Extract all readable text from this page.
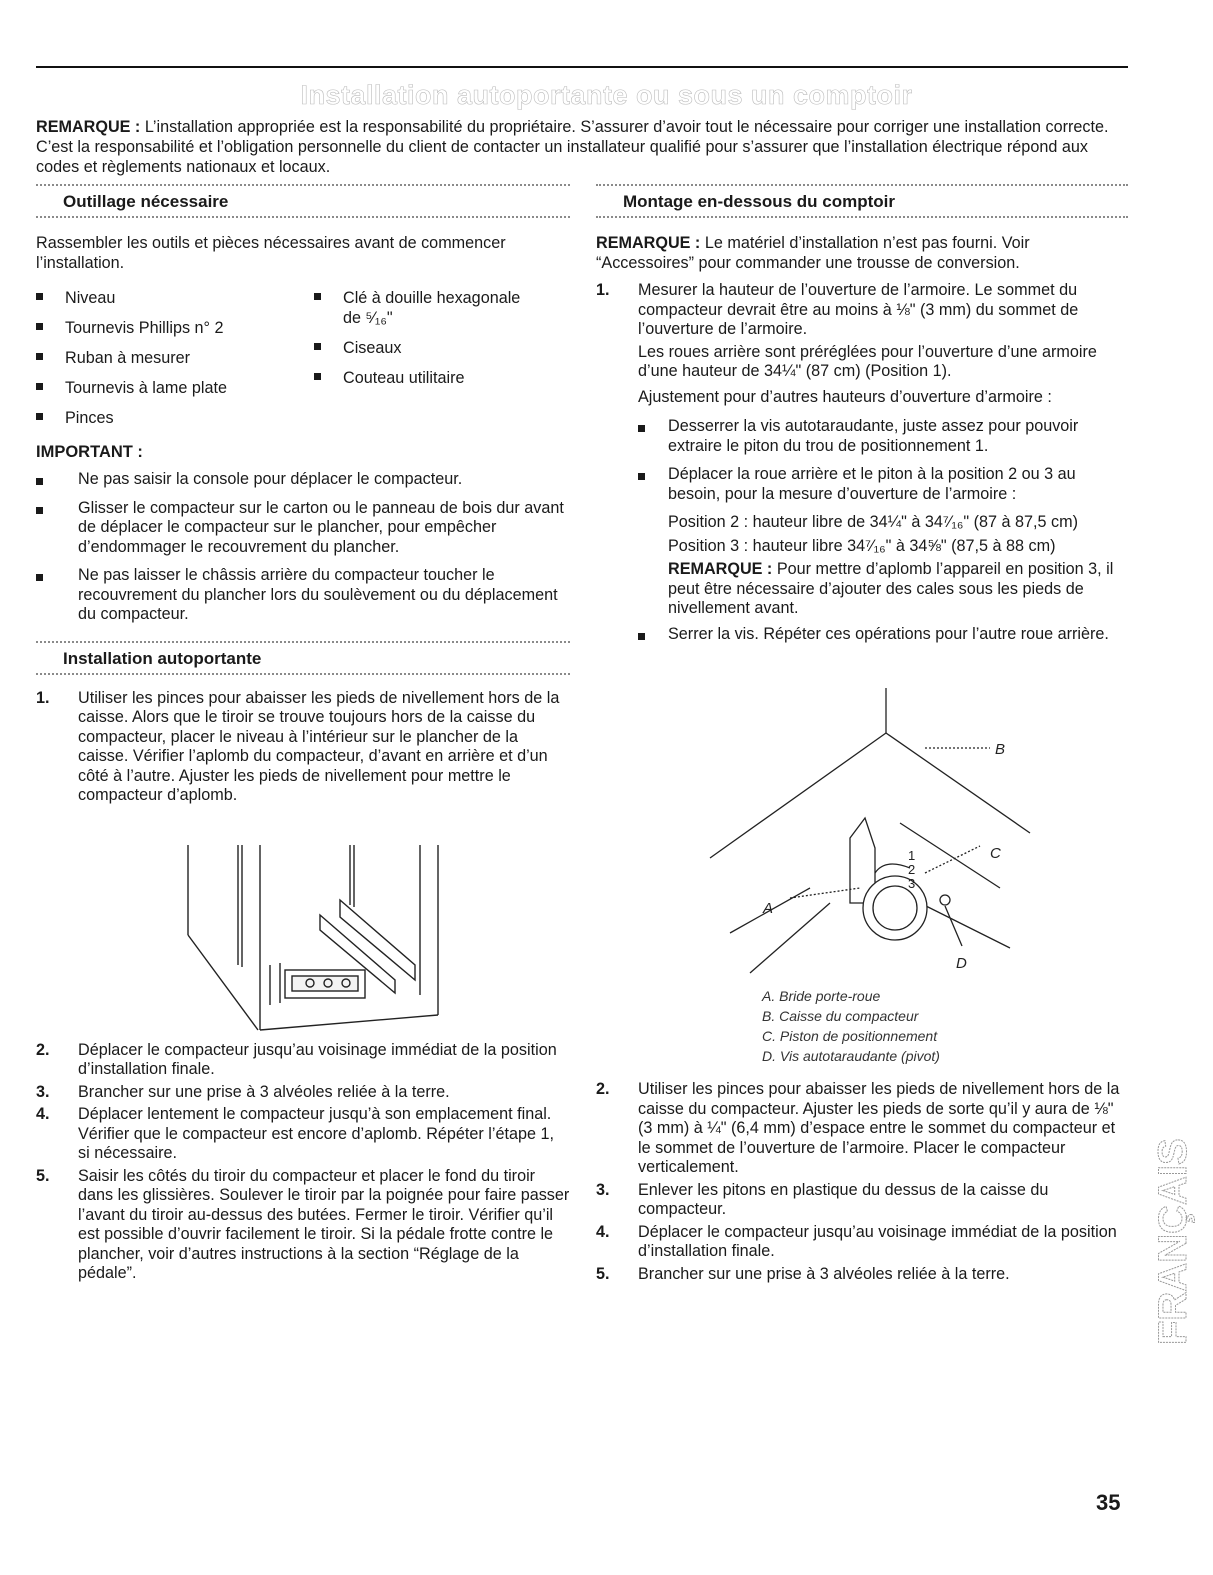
Installation autoportante ou sous un comptoir
REMARQUE : L’installation appropriée est la responsabilité du propriétaire. S’assurer d’avoir tout le nécessaire pour corriger une installation correcte. C’est la responsabilité et l’obligation personnelle du client de contacter un installateur qualifié pour s’assurer que l’installation électrique répond aux codes et règlements nationaux et locaux.
Outillage nécessaire

Rassembler les outils et pièces nécessaires avant de commencer l’installation.

Niveau
Tournevis Phillips n° 2
Ruban à mesurer
Tournevis à lame plate
Pinces
Clé à douille hexagonale
de ⁵⁄₁₆"
Ciseaux
Couteau utilitaire
IMPORTANT :
Ne pas saisir la console pour déplacer le compacteur.
Glisser le compacteur sur le carton ou le panneau de bois dur avant de déplacer le compacteur sur le plancher, pour empêcher d’endommager le recouvrement du plancher.
Ne pas laisser le châssis arrière du compacteur toucher le recouvrement du plancher lors du soulèvement ou du déplacement du compacteur.
Installation autoportante
1. Utiliser les pinces pour abaisser les pieds de nivellement hors de la caisse. Alors que le tiroir se trouve toujours hors de la caisse du compacteur, placer le niveau à l’intérieur sur le plancher de la caisse. Vérifier l’aplomb du compacteur, d’avant en arrière et d’un côté à l’autre. Ajuster les pieds de nivellement pour mettre le compacteur d’aplomb.
2. Déplacer le compacteur jusqu’au voisinage immédiat de la position d’installation finale.
3. Brancher sur une prise à 3 alvéoles reliée à la terre.
4. Déplacer lentement le compacteur jusqu’à son emplacement final. Vérifier que le compacteur est encore d’aplomb. Répéter l’étape 1, si nécessaire.
5. Saisir les côtés du tiroir du compacteur et placer le fond du tiroir dans les glissières. Soulever le tiroir par la poignée pour faire passer l’avant du tiroir au-dessus des butées. Fermer le tiroir. Vérifier qu’il est possible d’ouvrir facilement le tiroir. Si la pédale frotte contre le plancher, voir d’autres instructions à la section “Réglage de la pédale”.
Montage en-dessous du comptoir

REMARQUE : Le matériel d’installation n’est pas fourni. Voir “Accessoires” pour commander une trousse de conversion.

1. Mesurer la hauteur de l’ouverture de l’armoire. Le sommet du compacteur devrait être au moins à ⅛" (3 mm) du sommet de l’ouverture de l’armoire.
Les roues arrière sont préréglées pour l’ouverture d’une armoire d’une hauteur de 34¼" (87 cm) (Position 1).
Ajustement pour d’autres hauteurs d’ouverture d’armoire :
Desserrer la vis autotaraudante, juste assez pour pouvoir extraire le piton du trou de positionnement 1.
Déplacer la roue arrière et le piton à la position 2 ou 3 au besoin, pour la mesure d’ouverture de l’armoire :
Position 2 : hauteur libre de 34¼" à 34⁷⁄₁₆" (87 à 87,5 cm)
Position 3 : hauteur libre 34⁷⁄₁₆" à 34⅝" (87,5 à 88 cm)
REMARQUE : Pour mettre d’aplomb l’appareil en position 3, il peut être nécessaire d’ajouter des cales sous les pieds de nivellement avant.
Serrer la vis. Répéter ces opérations pour l’autre roue arrière.
B
C
A
D
1
2
3
A. Bride porte-roue
B. Caisse du compacteur
C. Piston de positionnement
D. Vis autotaraudante (pivot)
2. Utiliser les pinces pour abaisser les pieds de nivellement hors de la caisse du compacteur. Ajuster les pieds de sorte qu’il y aura de ⅛" (3 mm) à ¼" (6,4 mm) d’espace entre le sommet du compacteur et le sommet de l’ouverture de l’armoire. Placer le compacteur verticalement.
3. Enlever les pitons en plastique du dessus de la caisse du compacteur.
4. Déplacer le compacteur jusqu’au voisinage immédiat de la position d’installation finale.
5. Brancher sur une prise à 3 alvéoles reliée à la terre.	FRANÇAIS
35
